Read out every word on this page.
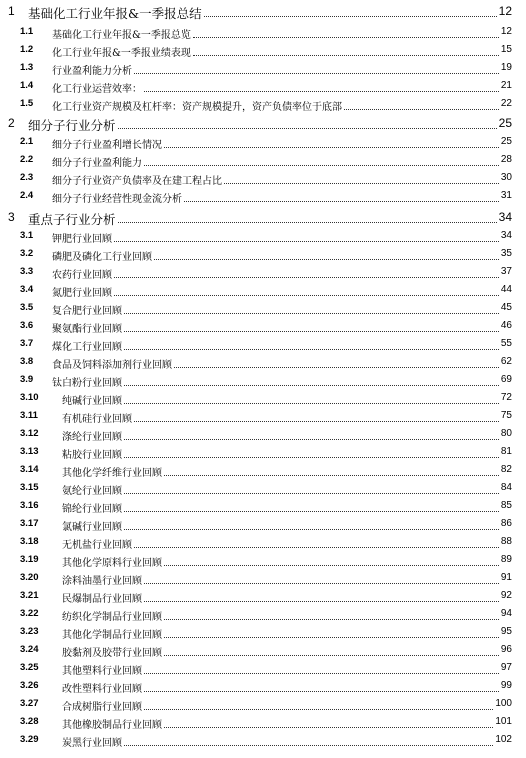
1 基础化工行业年报&一季报总结	12
1.1 基础化工行业年报&一季报总览	12
1.2 化工行业年报&一季报业绩表现	15
1.3 行业盈利能力分析	19
1.4 化工行业运营效率：	21
1.5 化工行业资产规模及杠杆率：资产规模提升，资产负债率位于底部	22
2 细分子行业分析	25
2.1 细分子行业盈利增长情况	25
2.2 细分子行业盈利能力	28
2.3 细分子行业资产负债率及在建工程占比	30
2.4 细分子行业经营性现金流分析	31
3 重点子行业分析	34
3.1 钾肥行业回顾	34
3.2 磷肥及磷化工行业回顾	35
3.3 农药行业回顾	37
3.4 氮肥行业回顾	44
3.5 复合肥行业回顾	45
3.6 聚氨酯行业回顾	46
3.7 煤化工行业回顾	55
3.8 食品及饲料添加剂行业回顾	62
3.9 钛白粉行业回顾	69
3.10 纯碱行业回顾	72
3.11 有机硅行业回顾	75
3.12 涤纶行业回顾	80
3.13 粘胶行业回顾	81
3.14 其他化学纤维行业回顾	82
3.15 氨纶行业回顾	84
3.16 锦纶行业回顾	85
3.17 氯碱行业回顾	86
3.18 无机盐行业回顾	88
3.19 其他化学原料行业回顾	89
3.20 涂料油墨行业回顾	91
3.21 民爆制品行业回顾	92
3.22 纺织化学制品行业回顾	94
3.23 其他化学制品行业回顾	95
3.24 胶黏剂及胶带行业回顾	96
3.25 其他塑料行业回顾	97
3.26 改性塑料行业回顾	99
3.27 合成树脂行业回顾	100
3.28 其他橡胶制品行业回顾	101
3.29 炭黑行业回顾	102
